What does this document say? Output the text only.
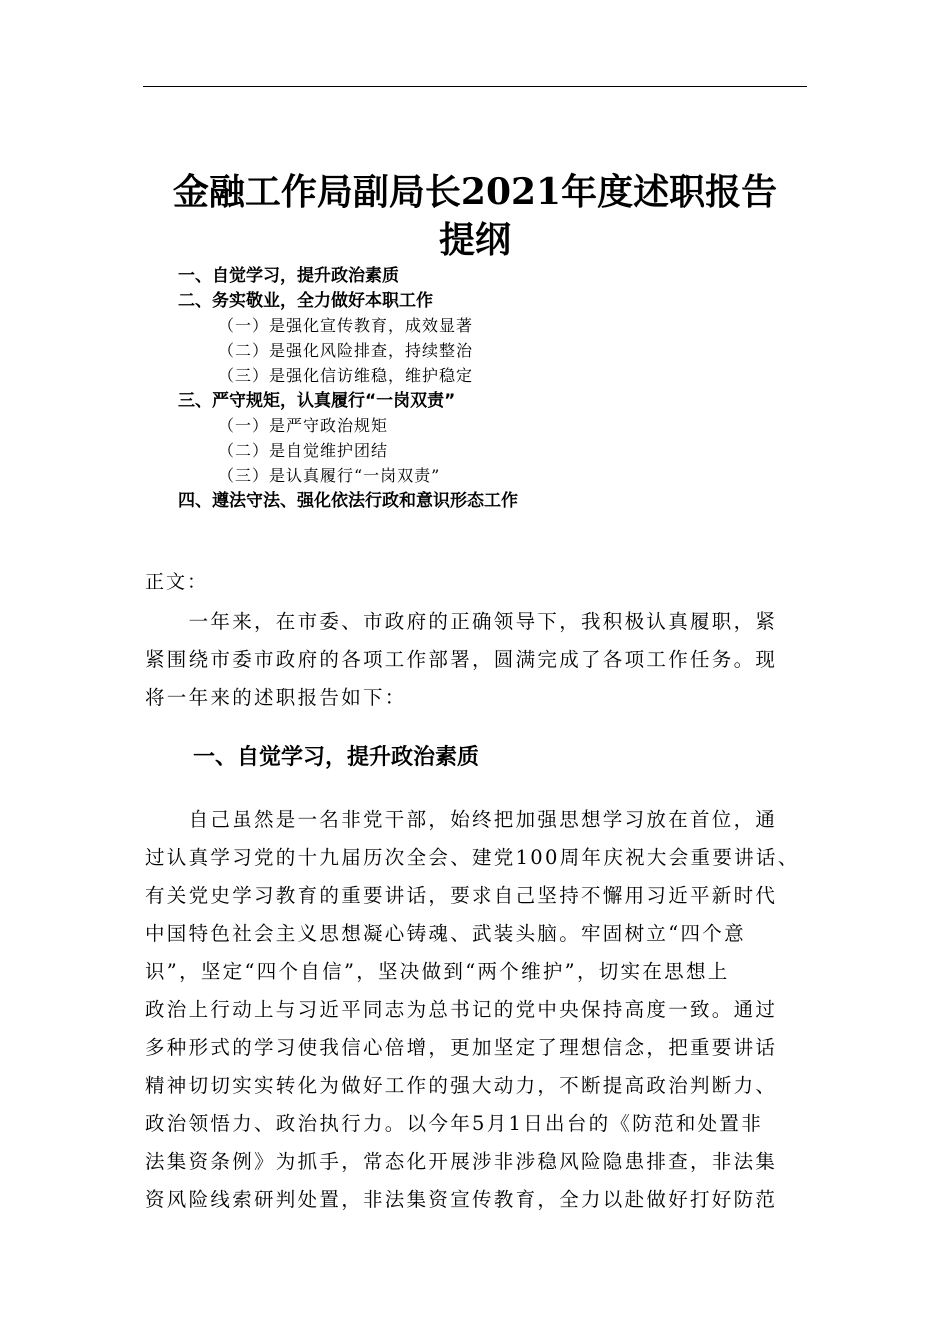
金融工作局副局长2021年度述职报告
提纲
一、自觉学习，提升政治素质
二、务实敬业，全力做好本职工作
（一）是强化宣传教育，成效显著
（二）是强化风险排查，持续整治
（三）是强化信访维稳，维护稳定
三、严守规矩，认真履行“一岗双责”
（一）是严守政治规矩
（二）是自觉维护团结
（三）是认真履行“一岗双责”
四、遵法守法、强化依法行政和意识形态工作
正文：
　　一年来，在市委、市政府的正确领导下，我积极认真履职，紧
紧围绕市委市政府的各项工作部署，圆满完成了各项工作任务。现
将一年来的述职报告如下：
一、自觉学习，提升政治素质
　　自己虽然是一名非党干部，始终把加强思想学习放在首位，通
过认真学习党的十九届历次全会、建党100周年庆祝大会重要讲话、
有关党史学习教育的重要讲话，要求自己坚持不懈用习近平新时代
中国特色社会主义思想凝心铸魂、武装头脑。牢固树立“四个意
识”，坚定“四个自信”，坚决做到“两个维护”，切实在思想上
政治上行动上与习近平同志为总书记的党中央保持高度一致。通过
多种形式的学习使我信心倍增，更加坚定了理想信念，把重要讲话
精神切切实实转化为做好工作的强大动力，不断提高政治判断力、
政治领悟力、政治执行力。以今年5月1日出台的《防范和处置非
法集资条例》为抓手，常态化开展涉非涉稳风险隐患排查，非法集
资风险线索研判处置，非法集资宣传教育，全力以赴做好打好防范
